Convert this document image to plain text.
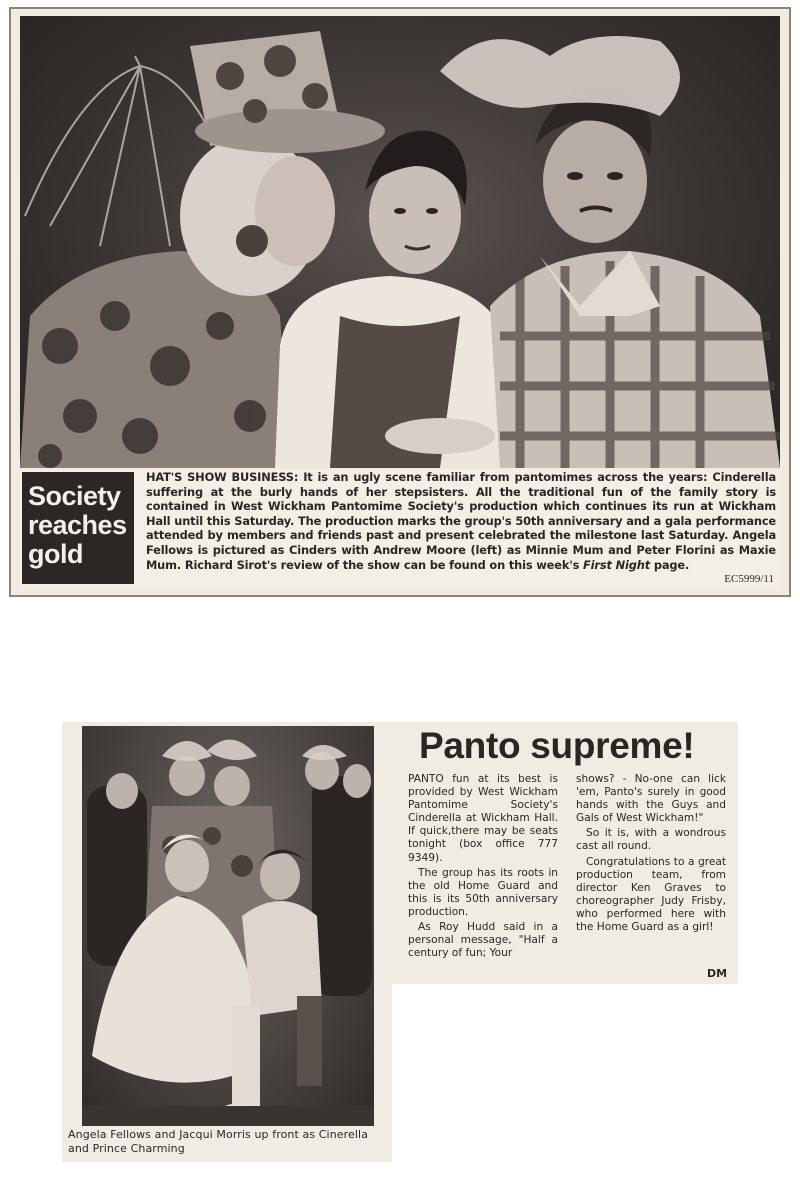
Society
reaches
gold
HAT'S SHOW BUSINESS: It is an ugly scene familiar from pantomimes across the years: Cinderella suffering at the burly hands of her stepsisters. All the traditional fun of the family story is contained in West Wickham Pantomime Society's production which continues its run at Wickham Hall until this Saturday. The production marks the group's 50th anniversary and a gala performance attended by members and friends past and present celebrated the milestone last Saturday. Angela Fellows is pictured as Cinders with Andrew Moore (left) as Minnie Mum and Peter Florini as Maxie Mum. Richard Sirot's review of the show can be found on this week's First Night page.
EC5999/11
Angela Fellows and Jacqui Morris up front as Cinerella and Prince Charming
Panto supreme!

PANTO fun at its best is provided by West Wickham Pantomime Society's Cinderella at Wickham Hall. If quick,there may be seats tonight (box office 777 9349).

The group has its roots in the old Home Guard and this is its 50th anniversary production.

As Roy Hudd said in a personal message, "Half a century of fun; Your

shows? - No-one can lick 'em, Panto's surely in good hands with the Guys and Gals of West Wickham!"

So it is, with a wondrous cast all round.

Congratulations to a great production team, from director Ken Graves to choreographer Judy Frisby, who performed here with the Home Guard as a girl!

DM
